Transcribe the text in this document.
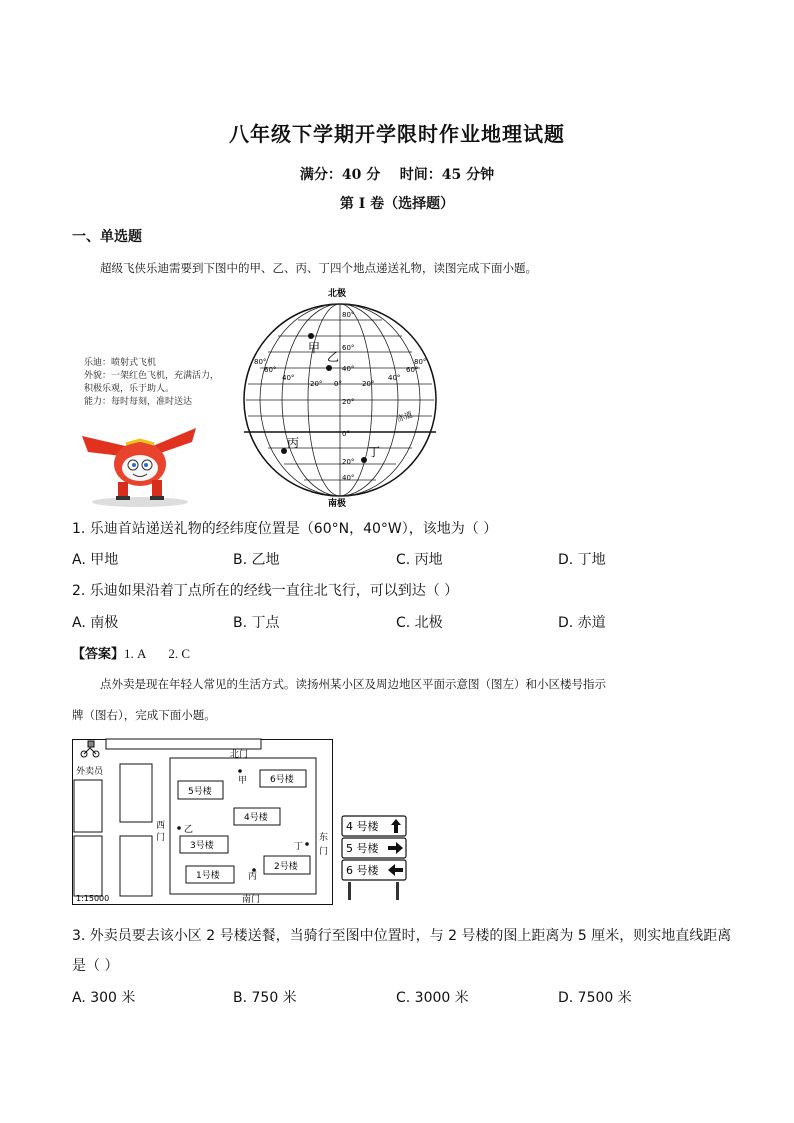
八年级下学期开学限时作业地理试题
满分：40 分    时间：45 分钟
第 I 卷（选择题）
一、单选题
超级飞侠乐迪需要到下图中的甲、乙、丙、丁四个地点递送礼物，读图完成下面小题。
乐迪：喷射式飞机
外貌：一架红色飞机，充满活力，
积极乐观，乐于助人。
能力：每时每刻，准时送达
北极
南极
赤道
80°
60°
40°
20°
0°
20°
40°
80°
60°
40°
20° 0°	20°
40°
60°
80°
甲
乙
丙
丁
1. 乐迪首站递送礼物的经纬度位置是（60°N，40°W），该地为（ ）
A. 甲地	B. 乙地	C. 丙地	D. 丁地
2. 乐迪如果沿着丁点所在的经线一直往北飞行，可以到达（ ）
A. 南极	B. 丁点	C. 北极	D. 赤道
【答案】1. A       2. C
点外卖是现在年轻人常见的生活方式。读扬州某小区及周边地区平面示意图（图左）和小区楼号指示
牌（图右），完成下面小题。
外卖员
北门
南门
西
门	东
门
甲
乙
丙
丁
1:15000
5号楼
6号楼
4号楼
3号楼
2号楼
1号楼
4 号楼
5 号楼
6 号楼
3. 外卖员要去该小区 2 号楼送餐，当骑行至图中位置时，与 2 号楼的图上距离为 5 厘米，则实地直线距离
是（ ）
A. 300 米	B. 750 米	C. 3000 米	D. 7500 米
